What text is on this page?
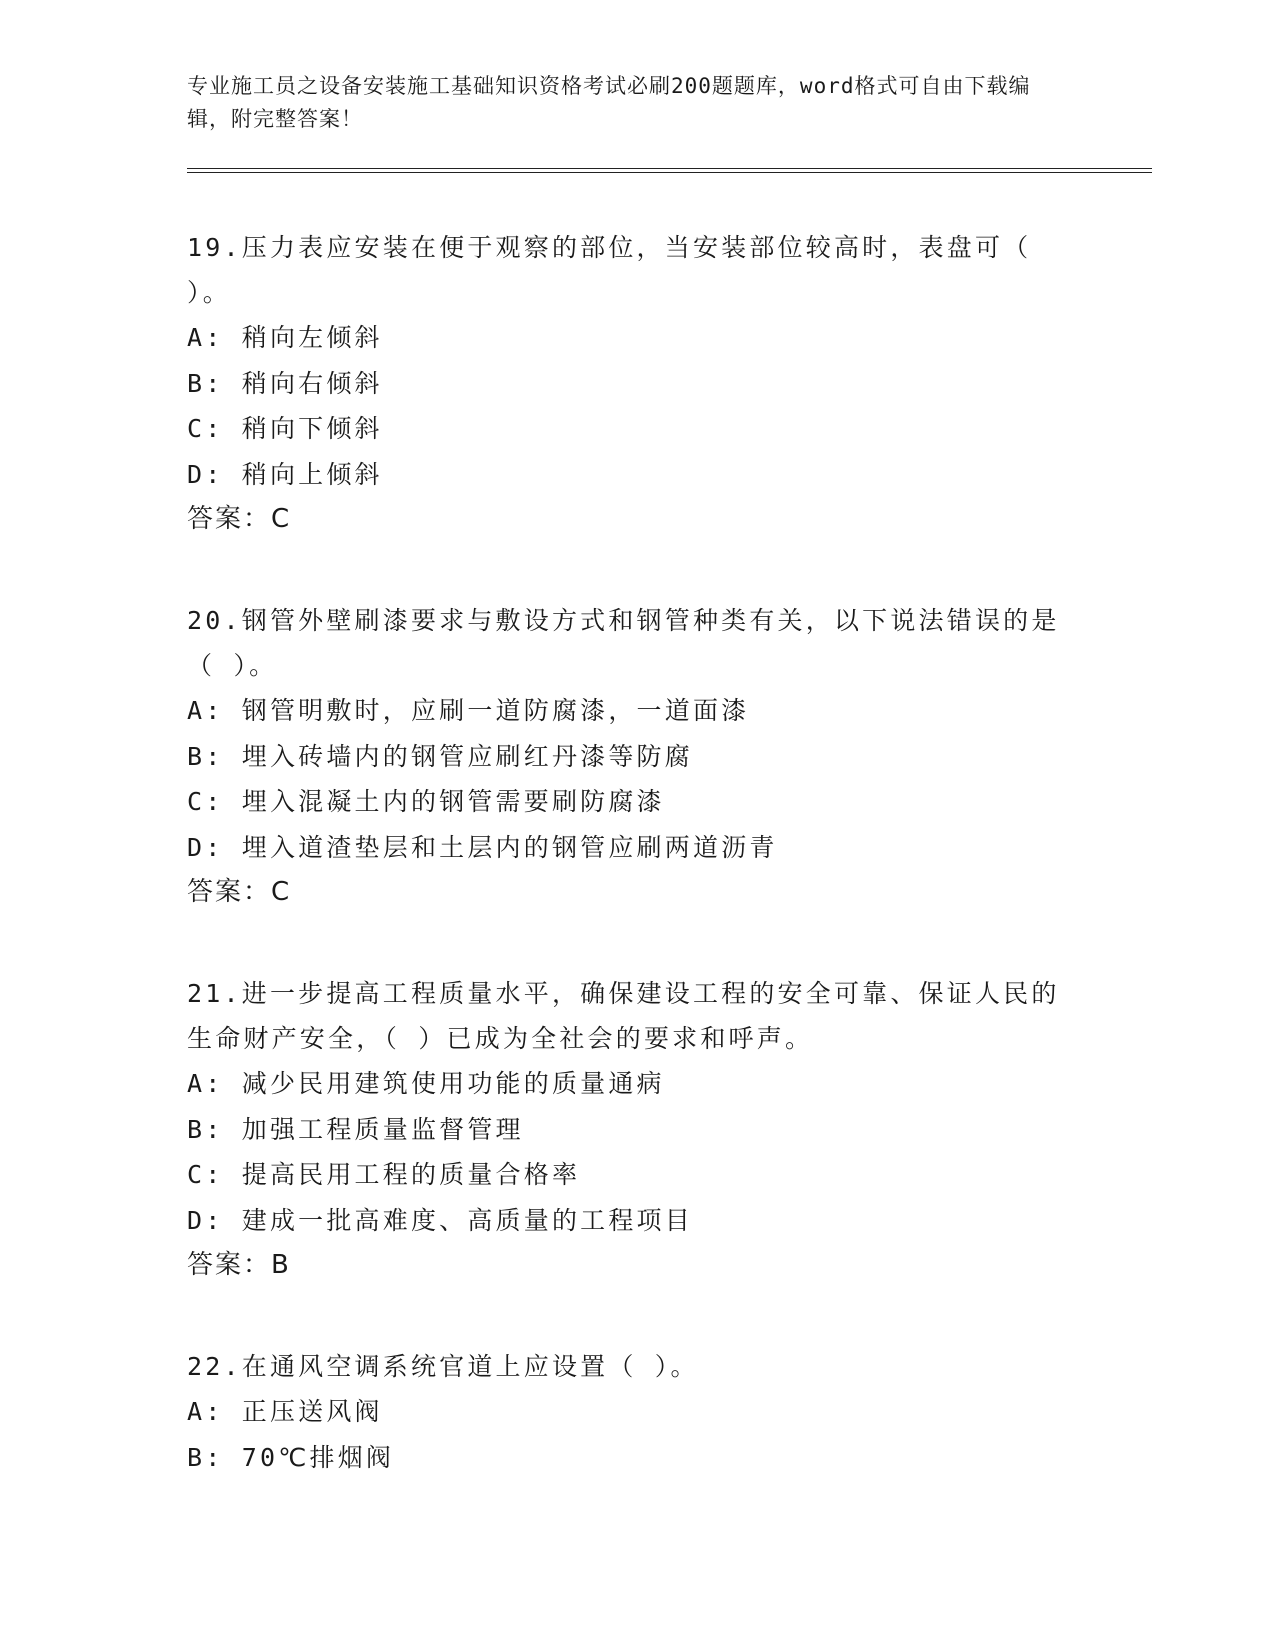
专业施工员之设备安装施工基础知识资格考试必刷200题题库，word格式可自由下载编辑，附完整答案！

19.压力表应安装在便于观察的部位，当安装部位较高时，表盘可（ ）。

A: 稍向左倾斜

B: 稍向右倾斜

C: 稍向下倾斜

D: 稍向上倾斜

答案：C

20.钢管外壁刷漆要求与敷设方式和钢管种类有关，以下说法错误的是（ ）。

A: 钢管明敷时，应刷一道防腐漆，一道面漆

B: 埋入砖墙内的钢管应刷红丹漆等防腐

C: 埋入混凝土内的钢管需要刷防腐漆

D: 埋入道渣垫层和土层内的钢管应刷两道沥青

答案：C

21.进一步提高工程质量水平，确保建设工程的安全可靠、保证人民的生命财产安全，（ ）已成为全社会的要求和呼声。

A: 减少民用建筑使用功能的质量通病

B: 加强工程质量监督管理

C: 提高民用工程的质量合格率

D: 建成一批高难度、高质量的工程项目

答案：B

22.在通风空调系统官道上应设置（ ）。

A: 正压送风阀

B: 70℃排烟阀
